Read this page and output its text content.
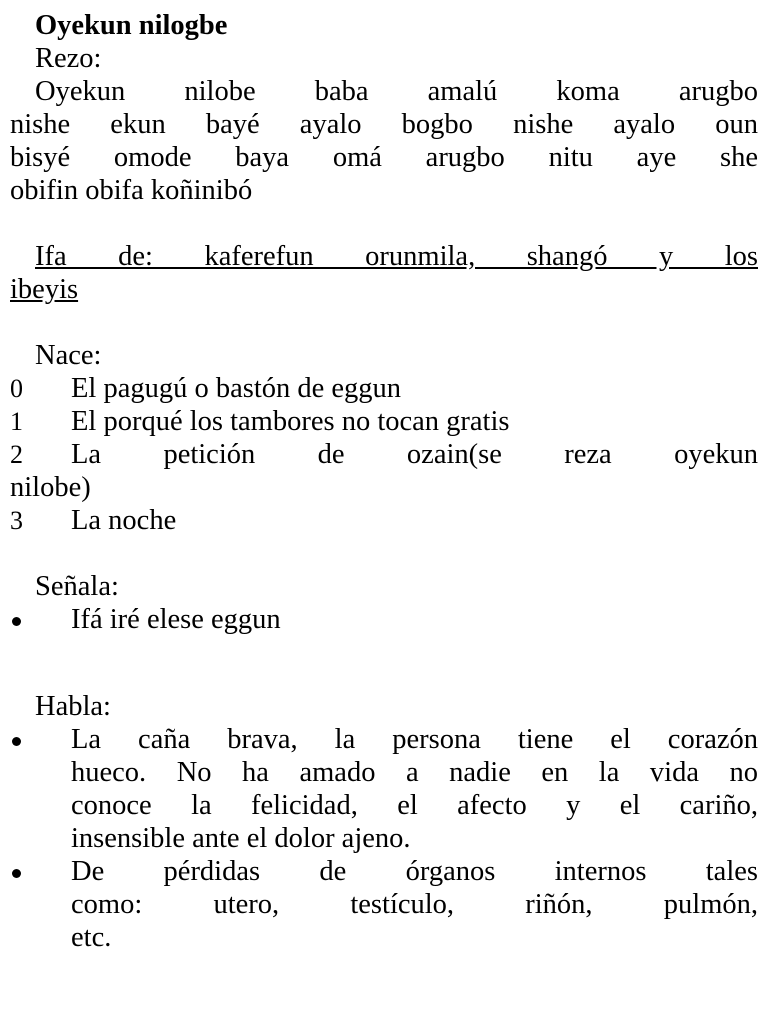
Oyekun nilogbe

Rezo:

Oyekun nilobe baba amalú koma arugbo

nishe ekun bayé ayalo bogbo nishe ayalo oun

bisyé omode baya omá arugbo nitu aye she

obifin obifa koñinibó

Ifa de: kaferefun orunmila, shangó y los

ibeyis

Nace:

0 El pagugú o bastón de eggun
1 El porqué los tambores no tocan gratis

2 La petición de ozain(se reza oyekun

nilobe)

3 La noche

Señala:

Ifá iré elese eggun

Habla:

La caña brava, la persona tiene el corazón

hueco. No ha amado a nadie en la vida no

conoce la felicidad, el afecto y el cariño,

insensible ante el dolor ajeno.

De pérdidas de órganos internos tales

como: utero, testículo, riñón, pulmón,

etc.
